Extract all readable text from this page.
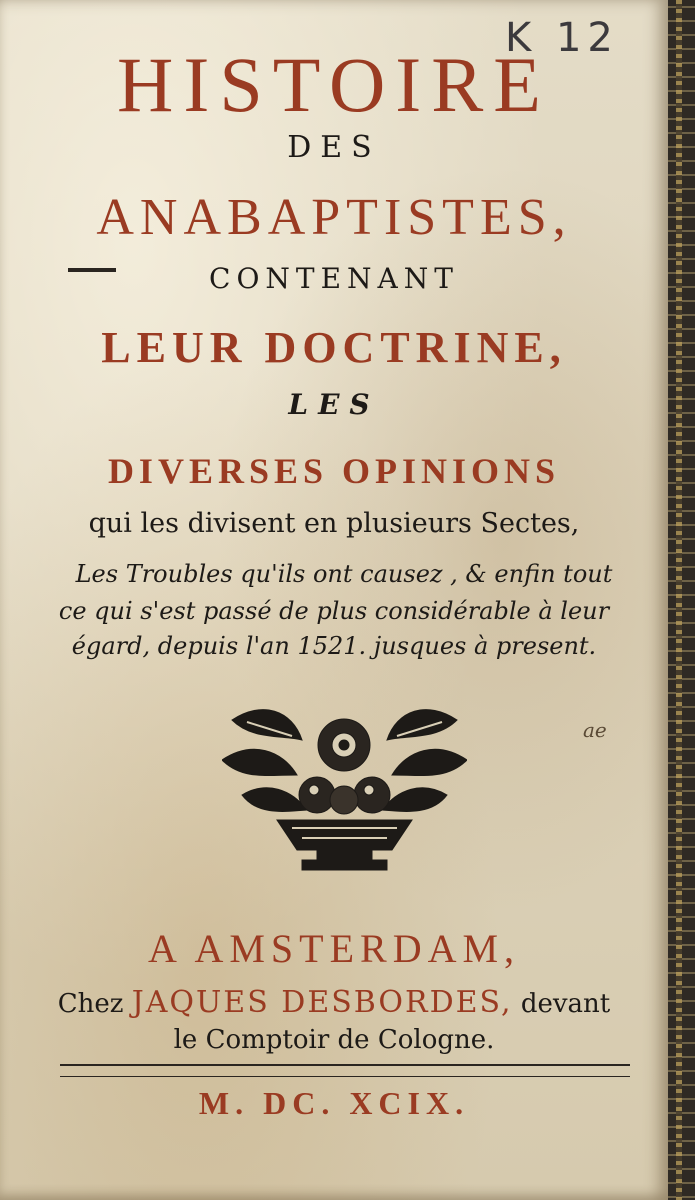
K 12
HISTOIRE
DES
ANABAPTISTES,
CONTENANT
LEUR DOCTRINE,
LES
DIVERSES OPINIONS
qui les divisent en plusieurs Sectes,
Les Troubles qu'ils ont causez , & enfin tout
ce qui s'est passé de plus considérable à leur
égard, depuis l'an 1521. jusques à present.
ae
A AMSTERDAM,
Chez JAQUES DESBORDES, devant
le Comptoir de Cologne.
M. DC. XCIX.
